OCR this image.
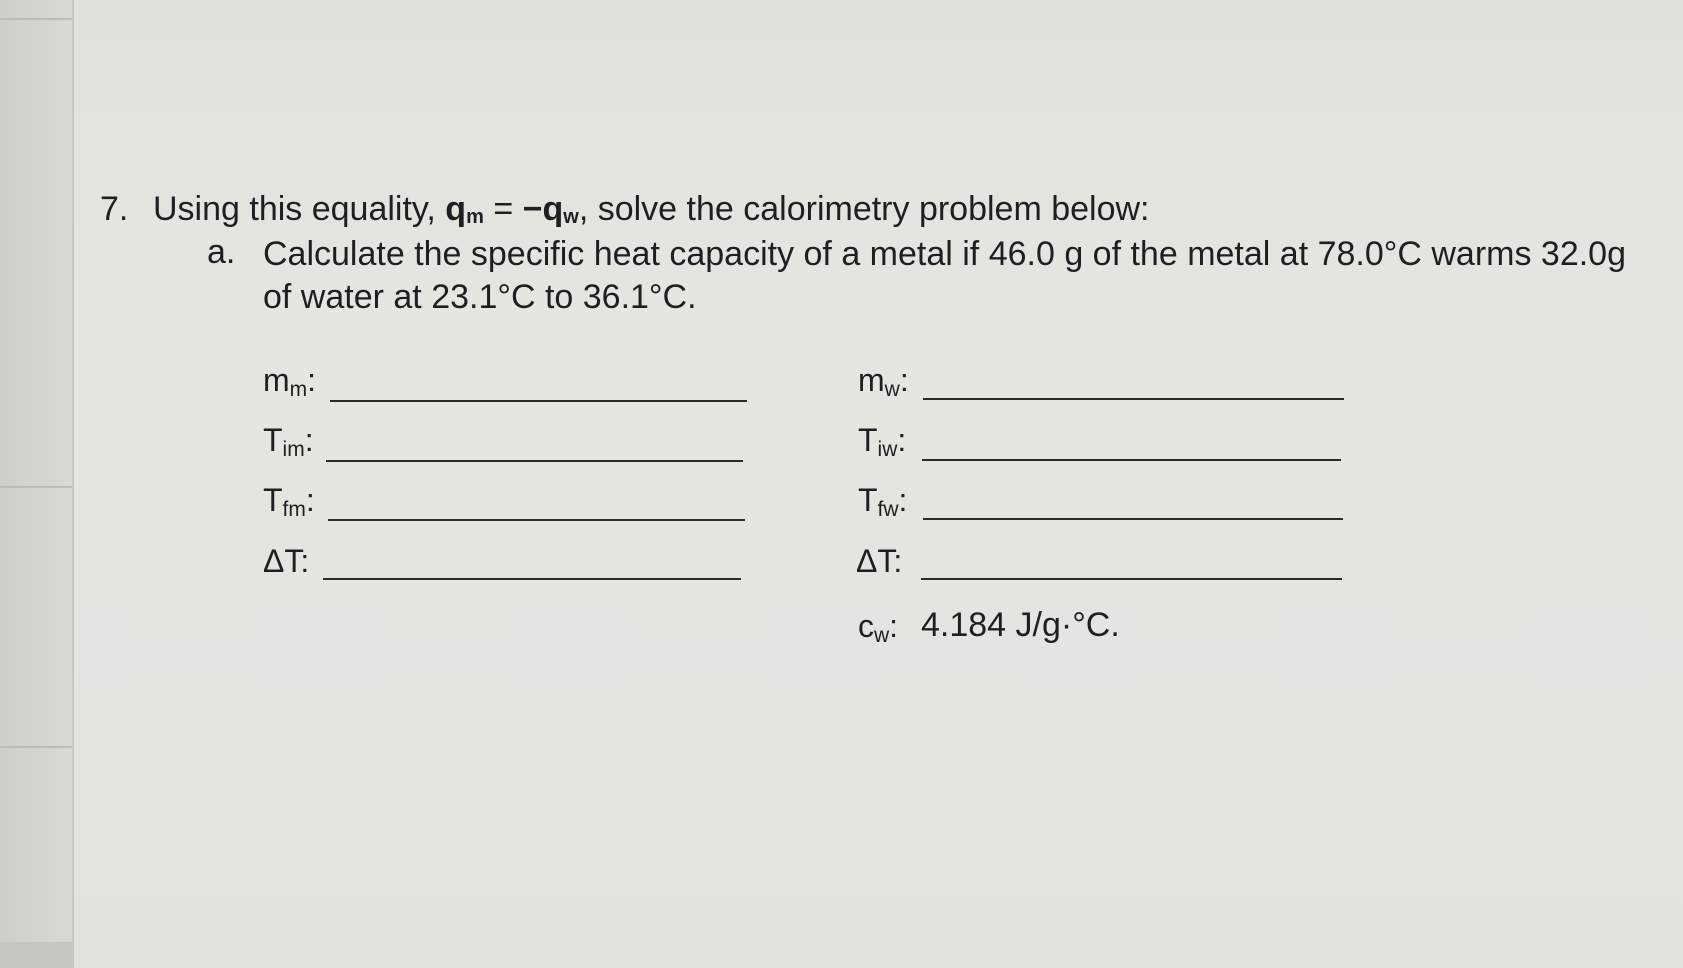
7. Using this equality, qm = −qw, solve the calorimetry problem below:
a. Calculate the specific heat capacity of a metal if 46.0 g of the metal at 78.0°C warms 32.0g of water at 23.1°C to 36.1°C.
$m_m$:
$T_{im}$:
$T_{fm}$:
ΔT:
$m_w$:
$T_{iw}$:
$T_{fw}$:
ΔT:
$c_w$: 4.184 J/g·°C.
